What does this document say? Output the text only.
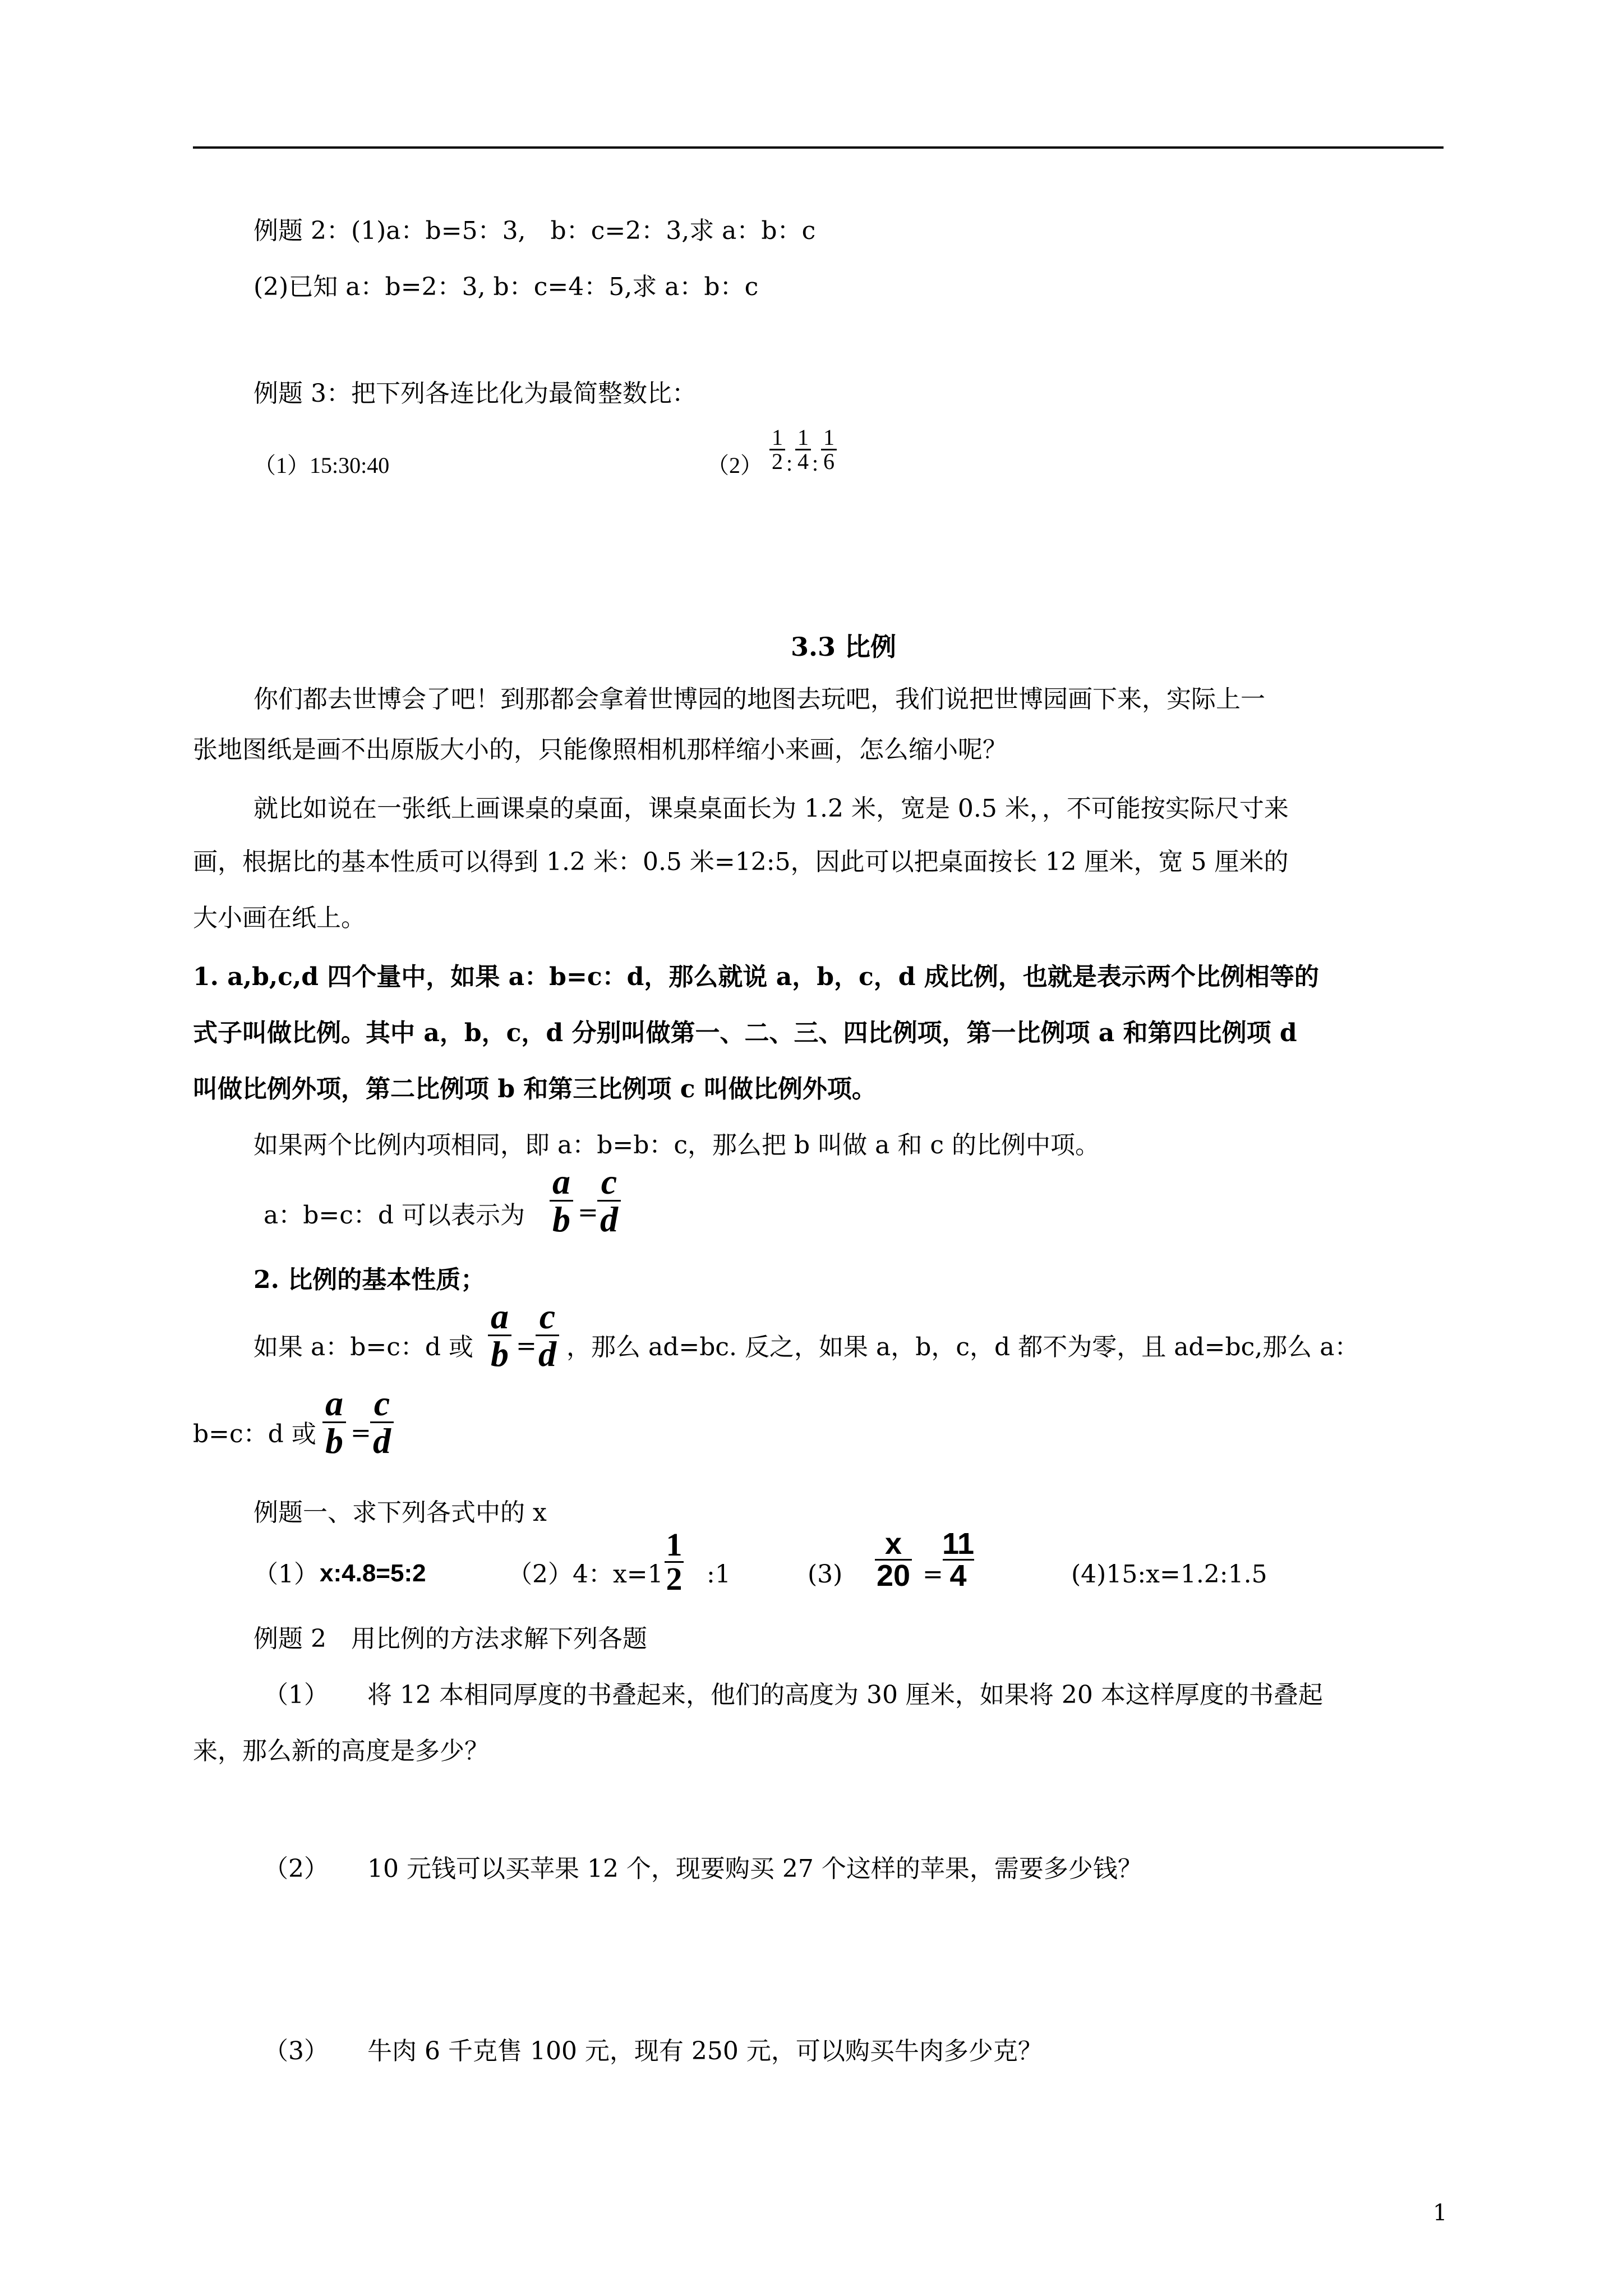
例题 2：(1)a：b=5：3,　b：c=2：3,求 a：b：c
(2)已知 a：b=2：3, b：c=4：5,求 a：b：c
例题 3：把下列各连比化为最简整数比：
（1）15:30:40	（2）
1
2 :
1
4 :
1
6
3.3 比例
你们都去世博会了吧！到那都会拿着世博园的地图去玩吧，我们说把世博园画下来，实际上一
张地图纸是画不出原版大小的，只能像照相机那样缩小来画，怎么缩小呢？
就比如说在一张纸上画课桌的桌面，课桌桌面长为 1.2 米，宽是 0.5 米，，不可能按实际尺寸来
画，根据比的基本性质可以得到 1.2 米：0.5 米=12:5，因此可以把桌面按长 12 厘米，宽 5 厘米的
大小画在纸上。
1. a,b,c,d 四个量中，如果 a：b=c：d，那么就说 a，b，c，d 成比例，也就是表示两个比例相等的
式子叫做比例。其中 a，b，c，d 分别叫做第一、二、三、四比例项，第一比例项 a 和第四比例项 d
叫做比例外项，第二比例项 b 和第三比例项 c 叫做比例外项。
如果两个比例内项相同，即 a：b=b：c，那么把 b 叫做 a 和 c 的比例中项。
a：b=c：d 可以表示为
a
b =
c
d
2. 比例的基本性质；
如果 a：b=c：d 或
a
b =
c
d ，那么 ad=bc. 反之，如果 a，b，c，d 都不为零，且 ad=bc,那么 a：
b=c：d 或
a
b =
c
d
例题一、求下列各式中的 x
（1） x:4.8=5:2	（2）4：x=1
1
2 :1	(3)
x
20 =
11
4	(4)15:x=1.2:1.5
例题 2　用比例的方法求解下列各题
（1） 将 12 本相同厚度的书叠起来，他们的高度为 30 厘米，如果将 20 本这样厚度的书叠起
来，那么新的高度是多少？
（2） 10 元钱可以买苹果 12 个，现要购买 27 个这样的苹果，需要多少钱？
（3） 牛肉 6 千克售 100 元，现有 250 元，可以购买牛肉多少克？
1
